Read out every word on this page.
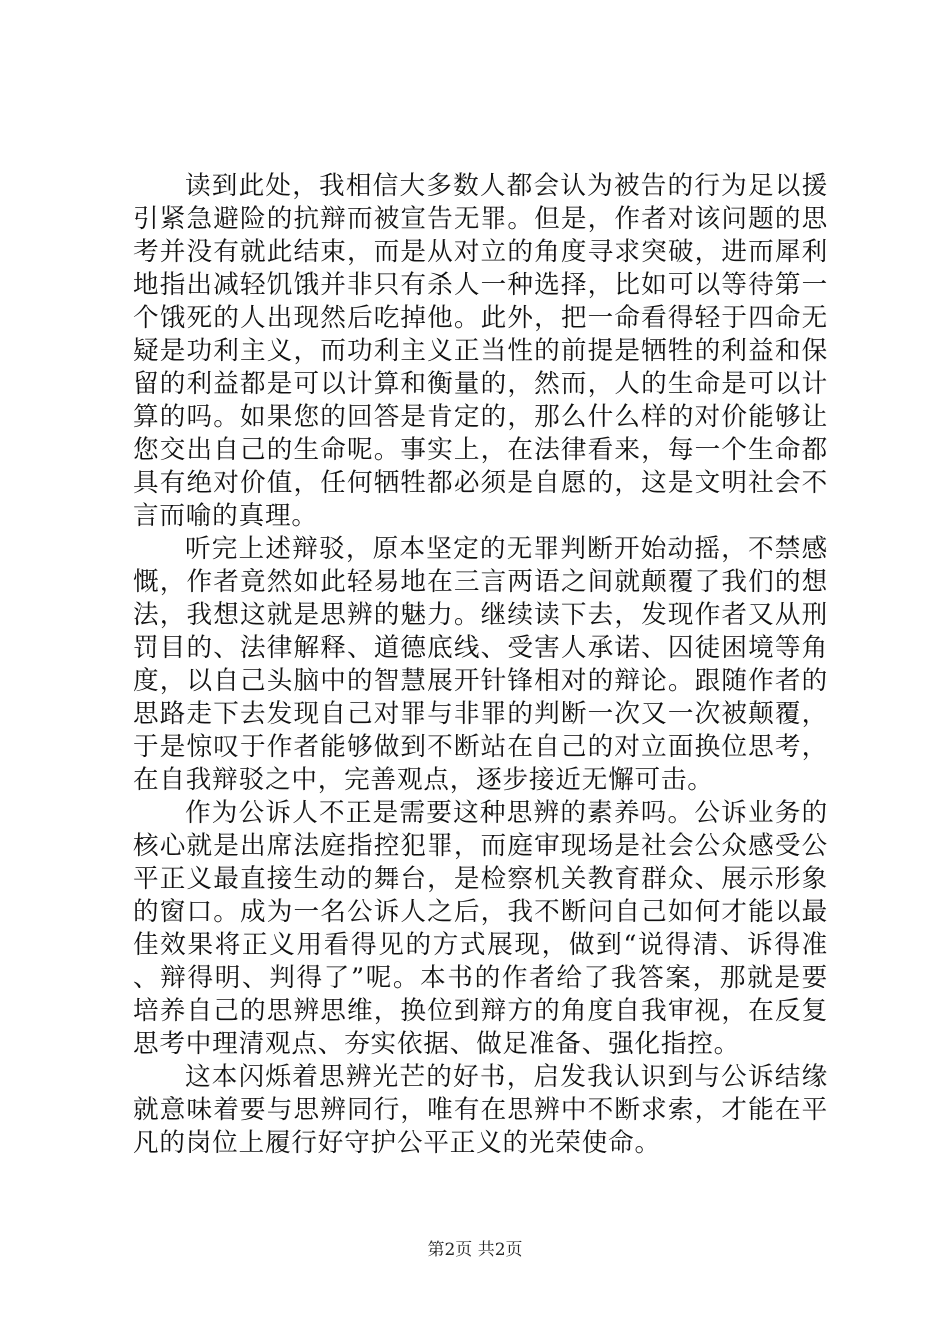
读到此处，我相信大多数人都会认为被告的行为足以援引紧急避险的抗辩而被宣告无罪。但是，作者对该问题的思考并没有就此结束，而是从对立的角度寻求突破，进而犀利地指出减轻饥饿并非只有杀人一种选择，比如可以等待第一个饿死的人出现然后吃掉他。此外，把一命看得轻于四命无疑是功利主义，而功利主义正当性的前提是牺牲的利益和保留的利益都是可以计算和衡量的，然而，人的生命是可以计算的吗。如果您的回答是肯定的，那么什么样的对价能够让您交出自己的生命呢。事实上，在法律看来，每一个生命都具有绝对价值，任何牺牲都必须是自愿的，这是文明社会不言而喻的真理。

听完上述辩驳，原本坚定的无罪判断开始动摇，不禁感慨，作者竟然如此轻易地在三言两语之间就颠覆了我们的想法，我想这就是思辨的魅力。继续读下去，发现作者又从刑罚目的、法律解释、道德底线、受害人承诺、囚徒困境等角度，以自己头脑中的智慧展开针锋相对的辩论。跟随作者的思路走下去发现自己对罪与非罪的判断一次又一次被颠覆，于是惊叹于作者能够做到不断站在自己的对立面换位思考，在自我辩驳之中，完善观点，逐步接近无懈可击。

作为公诉人不正是需要这种思辨的素养吗。公诉业务的核心就是出席法庭指控犯罪，而庭审现场是社会公众感受公平正义最直接生动的舞台，是检察机关教育群众、展示形象的窗口。成为一名公诉人之后，我不断问自己如何才能以最佳效果将正义用看得见的方式展现，做到“说得清、诉得准、辩得明、判得了”呢。本书的作者给了我答案，那就是要培养自己的思辨思维，换位到辩方的角度自我审视，在反复思考中理清观点、夯实依据、做足准备、强化指控。

这本闪烁着思辨光芒的好书，启发我认识到与公诉结缘就意味着要与思辨同行，唯有在思辨中不断求索，才能在平凡的岗位上履行好守护公平正义的光荣使命。

第2页 共2页
